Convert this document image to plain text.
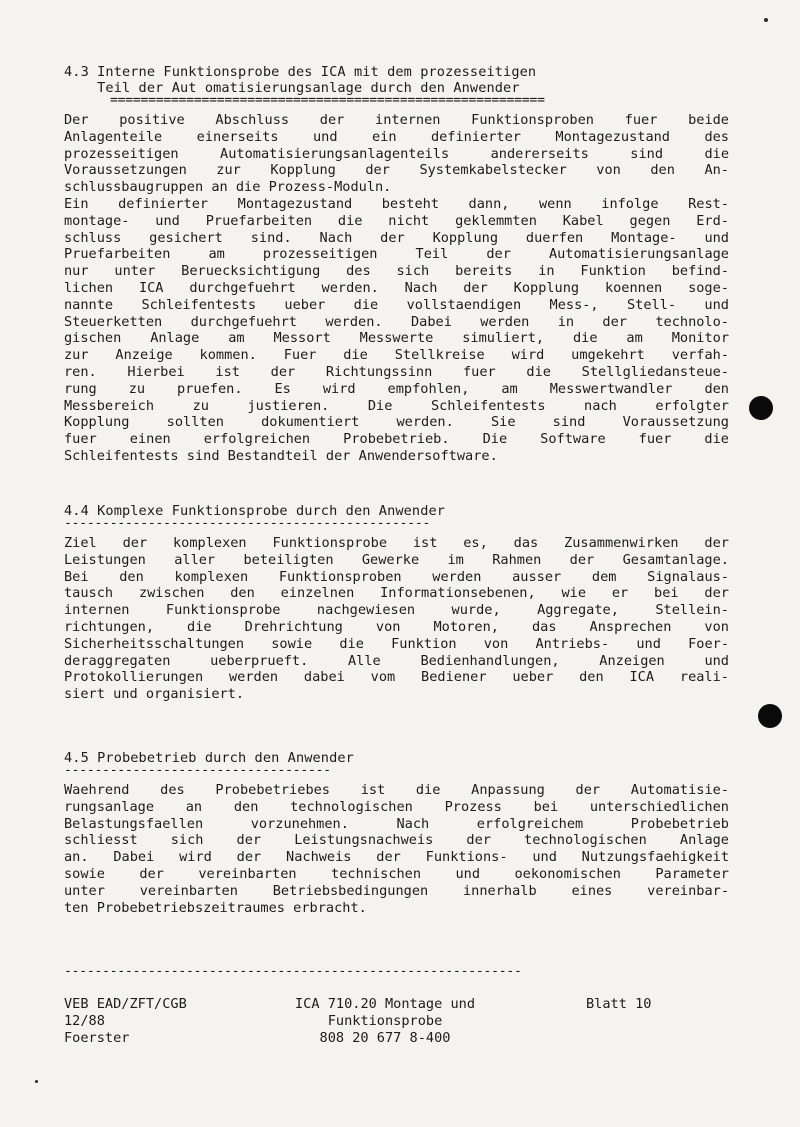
4.3 Interne Funktionsprobe des ICA mit dem prozesseitigen
Teil der Aut omatisierungsanlage durch den Anwender
=========================================================
Der positive Abschluss der internen Funktionsproben fuer beide
Anlagenteile einerseits und ein definierter Montagezustand des
prozesseitigen Automatisierungsanlagenteils andererseits sind die
Voraussetzungen zur Kopplung der Systemkabelstecker von den An-
schlussbaugruppen an die Prozess-Moduln.
Ein definierter Montagezustand besteht dann, wenn infolge Rest-
montage- und Pruefarbeiten die nicht geklemmten Kabel gegen Erd-
schluss gesichert sind. Nach der Kopplung duerfen Montage- und
Pruefarbeiten am prozesseitigen Teil der Automatisierungsanlage
nur unter Beruecksichtigung des sich bereits in Funktion befind-
lichen ICA durchgefuehrt werden. Nach der Kopplung koennen soge-
nannte Schleifentests ueber die vollstaendigen Mess-, Stell- und
Steuerketten durchgefuehrt werden. Dabei werden in der technolo-
gischen Anlage am Messort Messwerte simuliert, die am Monitor
zur Anzeige kommen. Fuer die Stellkreise wird umgekehrt verfah-
ren. Hierbei ist der Richtungssinn fuer die Stellgliedansteue-
rung zu pruefen. Es wird empfohlen, am Messwertwandler den
Messbereich zu justieren. Die Schleifentests nach erfolgter
Kopplung sollten dokumentiert werden. Sie sind Voraussetzung
fuer einen erfolgreichen Probebetrieb. Die Software fuer die
Schleifentests sind Bestandteil der Anwendersoftware.
4.4 Komplexe Funktionsprobe durch den Anwender
------------------------------------------------
Ziel der komplexen Funktionsprobe ist es, das Zusammenwirken der
Leistungen aller beteiligten Gewerke im Rahmen der Gesamtanlage.
Bei den komplexen Funktionsproben werden ausser dem Signalaus-
tausch zwischen den einzelnen Informationsebenen, wie er bei der
internen Funktionsprobe nachgewiesen wurde, Aggregate, Stellein-
richtungen, die Drehrichtung von Motoren, das Ansprechen von
Sicherheitsschaltungen sowie die Funktion von Antriebs- und Foer-
deraggregaten ueberprueft. Alle Bedienhandlungen, Anzeigen und
Protokollierungen werden dabei vom Bediener ueber den ICA reali-
siert und organisiert.
4.5 Probebetrieb durch den Anwender
-----------------------------------
Waehrend des Probebetriebes ist die Anpassung der Automatisie-
rungsanlage an den technologischen Prozess bei unterschiedlichen
Belastungsfaellen vorzunehmen. Nach erfolgreichem Probebetrieb
schliesst sich der Leistungsnachweis der technologischen Anlage
an. Dabei wird der Nachweis der Funktions- und Nutzungsfaehigkeit
sowie der vereinbarten technischen und oekonomischen Parameter
unter vereinbarten Betriebsbedingungen innerhalb eines vereinbar-
ten Probebetriebszeitraumes erbracht.
------------------------------------------------------------
VEB EAD/ZFT/CGB
12/88
Foerster
ICA 710.20 Montage und
Funktionsprobe
808 20 677 8-400
Blatt 10
